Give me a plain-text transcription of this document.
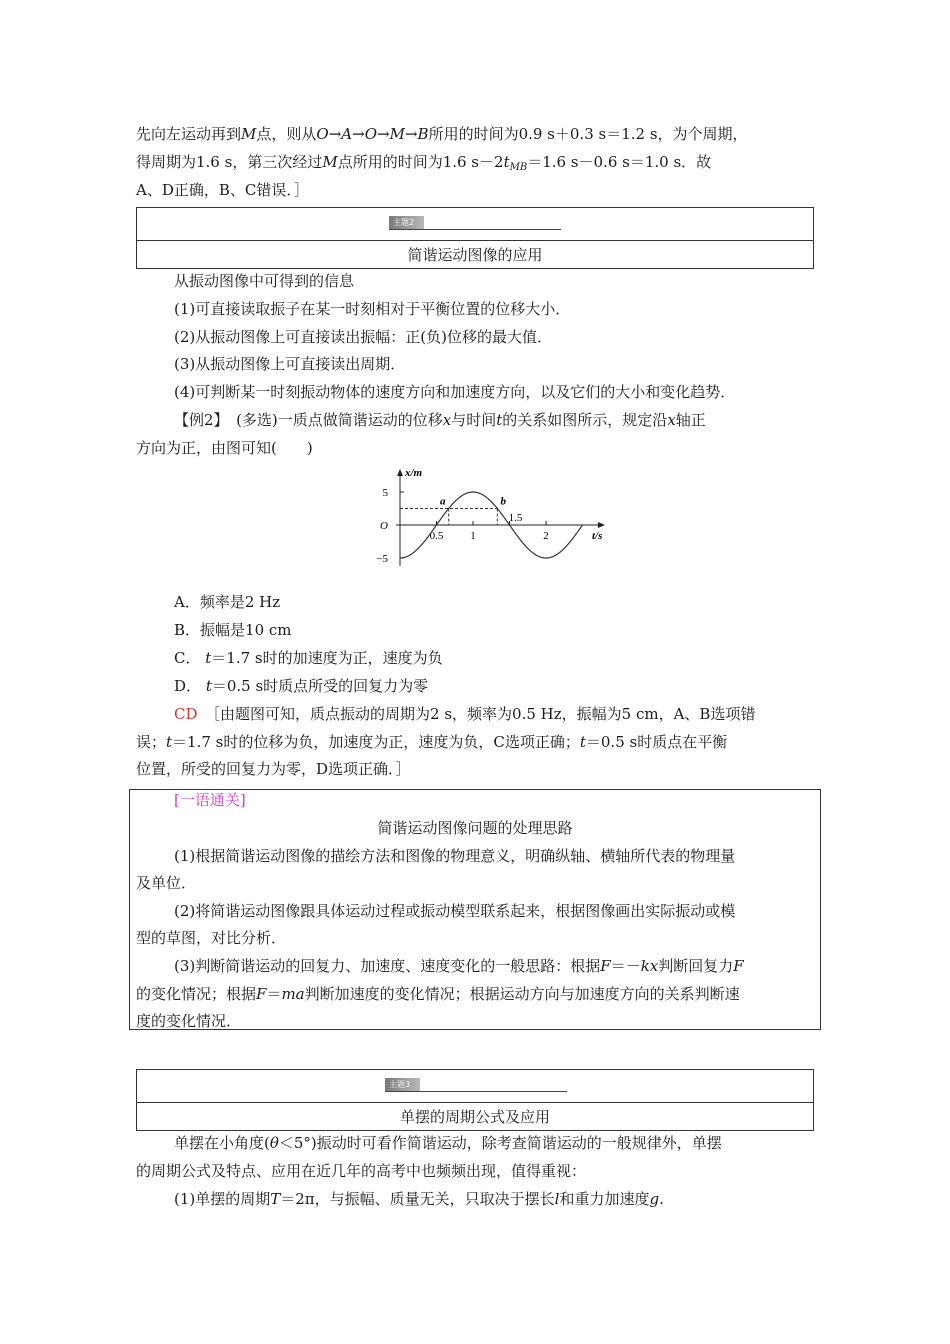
先向左运动再到M点，则从O→A→O→M→B所用的时间为0.9 s＋0.3 s＝1.2 s，为个周期，
得周期为1.6 s，第三次经过M点所用的时间为1.6 $s-2t_{MB}=1.6$ s－0.6 s＝1.0 s．故
A、D正确，B、C错误．］
主题2
简谐运动图像的应用
从振动图像中可得到的信息
(1)可直接读取振子在某一时刻相对于平衡位置的位移大小．
(2)从振动图像上可直接读出振幅：正(负)位移的最大值．
(3)从振动图像上可直接读出周期．
(4)可判断某一时刻振动物体的速度方向和加速度方向，以及它们的大小和变化趋势．
【例2】　 (多选)一质点做简谐运动的位移x与时间t的关系如图所示，规定沿x轴正
方向为正，由图可知(　　)
x/m
t/s
5
O
−5
0.5 1
1.5
2
a	b
A．频率是2 Hz
B．振幅是10 cm
C． t＝1.7 s时的加速度为正，速度为负
D． t＝0.5 s时质点所受的回复力为零
CD　 ［由题图可知，质点振动的周期为2 s，频率为0.5 Hz，振幅为5 cm，A、B选项错
误；t＝1.7 s时的位移为负，加速度为正，速度为负，C选项正确；t＝0.5 s时质点在平衡
位置，所受的回复力为零，D选项正确．］
[一语通关]
简谐运动图像问题的处理思路
(1)根据简谐运动图像的描绘方法和图像的物理意义，明确纵轴、横轴所代表的物理量
及单位．
(2)将简谐运动图像跟具体运动过程或振动模型联系起来，根据图像画出实际振动或模
型的草图，对比分析．
(3)判断简谐运动的回复力、加速度、速度变化的一般思路：根据F＝－kx判断回复力F
的变化情况；根据F＝ma判断加速度的变化情况；根据运动方向与加速度方向的关系判断速
度的变化情况．
主题3
单摆的周期公式及应用
单摆在小角度(θ＜5°)振动时可看作简谐运动，除考查简谐运动的一般规律外，单摆
的周期公式及特点、应用在近几年的高考中也频频出现，值得重视：
(1)单摆的周期T＝2π，与振幅、质量无关，只取决于摆长l和重力加速度g.
